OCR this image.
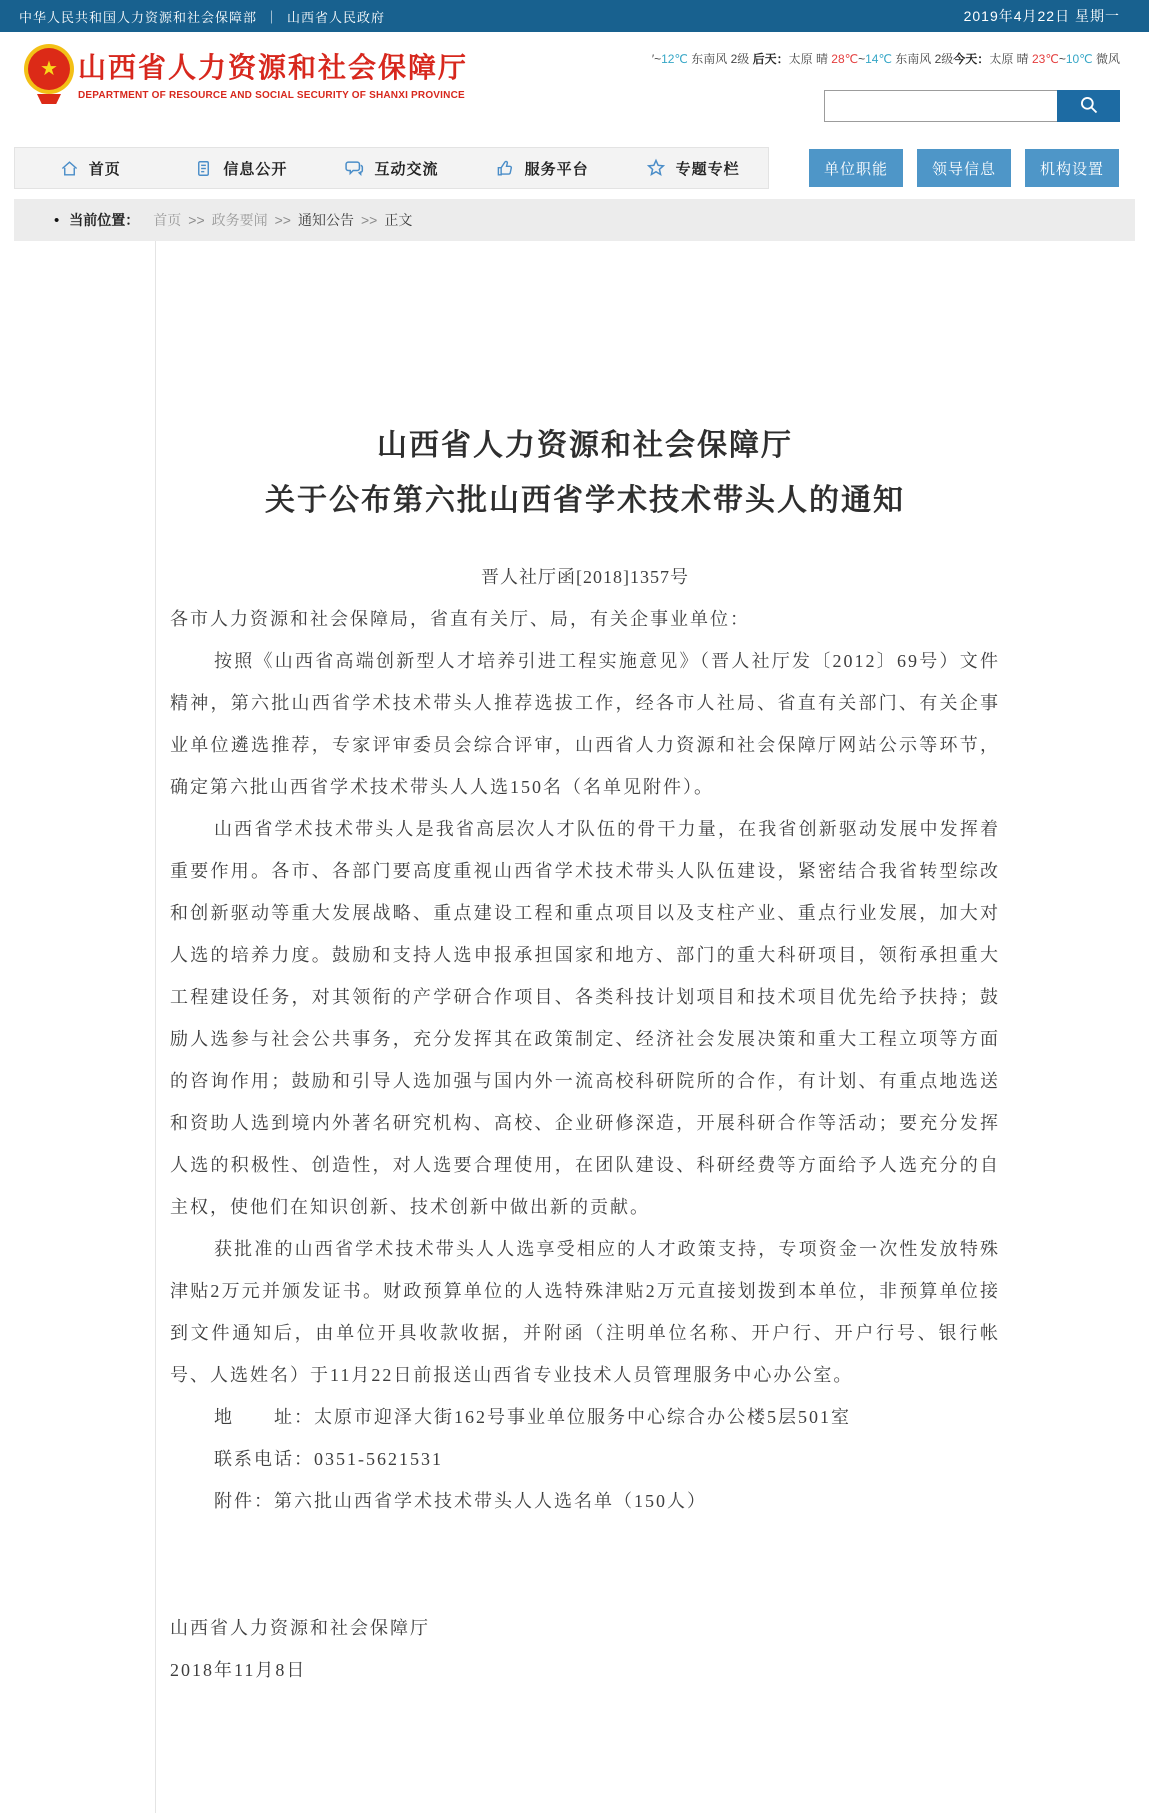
中华人民共和国人力资源和社会保障部 ｜ 山西省人民政府	2019年4月22日 星期一
★ 山西省人力资源和社会保障厅
DEPARTMENT OF RESOURCE AND SOCIAL SECURITY OF SHANXI PROVINCE
′~12℃ 东南风 2级 后天：太原 晴 28℃~14℃ 东南风 2级今天：太原 晴 23℃~10℃ 微风
首页	信息公开	互动交流	服务平台	专题专栏	单位职能	领导信息	机构设置
• 当前位置： 首页 >> 政务要闻 >> 通知公告 >> 正文
山西省人力资源和社会保障厅
关于公布第六批山西省学术技术带头人的通知
晋人社厅函[2018]1357号

各市人力资源和社会保障局，省直有关厅、局，有关企事业单位：

按照《山西省高端创新型人才培养引进工程实施意见》（晋人社厅发〔2012〕69号）文件精神，第六批山西省学术技术带头人推荐选拔工作，经各市人社局、省直有关部门、有关企事业单位遴选推荐，专家评审委员会综合评审，山西省人力资源和社会保障厅网站公示等环节，确定第六批山西省学术技术带头人人选150名（名单见附件）。

山西省学术技术带头人是我省高层次人才队伍的骨干力量，在我省创新驱动发展中发挥着重要作用。各市、各部门要高度重视山西省学术技术带头人队伍建设，紧密结合我省转型综改和创新驱动等重大发展战略、重点建设工程和重点项目以及支柱产业、重点行业发展，加大对人选的培养力度。鼓励和支持人选申报承担国家和地方、部门的重大科研项目，领衔承担重大工程建设任务，对其领衔的产学研合作项目、各类科技计划项目和技术项目优先给予扶持；鼓励人选参与社会公共事务，充分发挥其在政策制定、经济社会发展决策和重大工程立项等方面的咨询作用；鼓励和引导人选加强与国内外一流高校科研院所的合作，有计划、有重点地选送和资助人选到境内外著名研究机构、高校、企业研修深造，开展科研合作等活动；要充分发挥人选的积极性、创造性，对人选要合理使用，在团队建设、科研经费等方面给予人选充分的自主权，使他们在知识创新、技术创新中做出新的贡献。

获批准的山西省学术技术带头人人选享受相应的人才政策支持，专项资金一次性发放特殊津贴2万元并颁发证书。财政预算单位的人选特殊津贴2万元直接划拨到本单位，非预算单位接到文件通知后，由单位开具收款收据，并附函（注明单位名称、开户行、开户行号、银行帐号、人选姓名）于11月22日前报送山西省专业技术人员管理服务中心办公室。

地　　址：太原市迎泽大街162号事业单位服务中心综合办公楼5层501室

联系电话：0351-5621531

附件：第六批山西省学术技术带头人人选名单（150人）

山西省人力资源和社会保障厅

2018年11月8日
